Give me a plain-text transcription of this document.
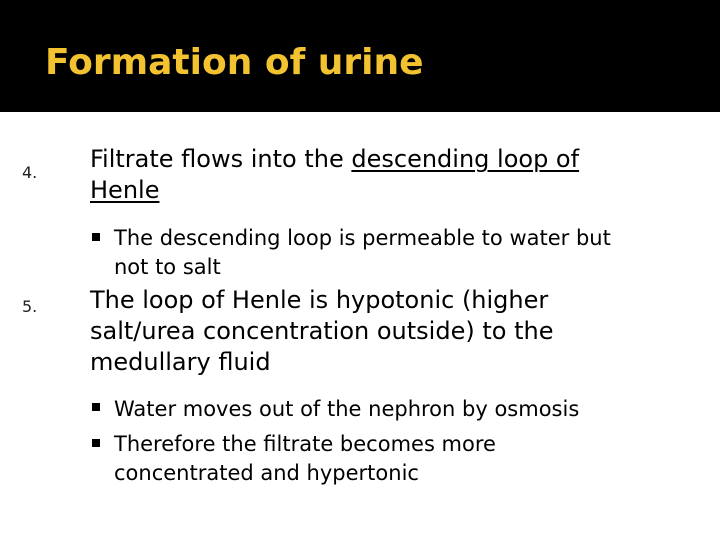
Formation of urine
4. Filtrate flows into the descending loop of
Henle
The descending loop is permeable to water but
not to salt
5. The loop of Henle is hypotonic (higher
salt/urea concentration outside) to the
medullary fluid
Water moves out of the nephron by osmosis
Therefore the filtrate becomes more
concentrated and hypertonic
